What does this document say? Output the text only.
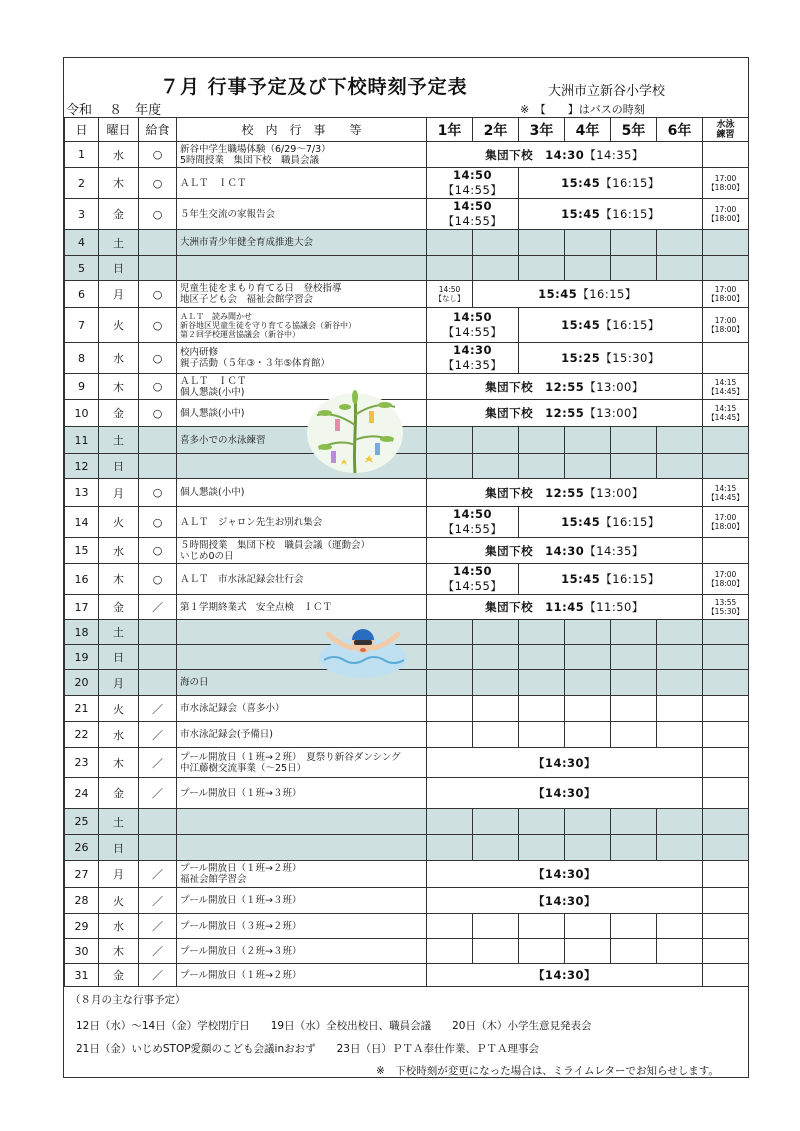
７月 行事予定及び下校時刻予定表	大洲市立新谷小学校
令和　 ８　年度	※　【　　】はバスの時刻
日	曜日	給食	校　内　行　事　　等	1年	2年	3年	4年	5年	6年	水泳
練習
1	水	○	新谷中学生職場体験（6/29〜7/3）
5時間授業　集団下校　職員会議	集団下校　14:30【14:35】						
2	木	○	ＡＬＴ　ＩＣＴ	14:50【14:55】		15:45【16:15】				17:00
【18:00】
3	金	○	５年生交流の家報告会	14:50【14:55】		15:45【16:15】				17:00
【18:00】
4	土		大洲市青少年健全育成推進大会							
5	日									
6	月	○	児童生徒をまもり育てる日　登校指導
地区子ども会　福祉会館学習会	14:50
【なし】	15:45【16:15】					17:00
【18:00】
7	火	○	ＡＬＴ　読み聞かせ
新谷地区児童生徒を守り育てる協議会（新谷中）
第２回学校運営協議会（新谷中）	14:50【14:55】		15:45【16:15】				17:00
【18:00】
8	水	○	校内研修
親子活動（５年③・３年⑤体育館）	14:30【14:35】		15:25【15:30】				
9	木	○	ＡＬＴ　ＩＣＴ
個人懇談(小中)	集団下校　12:55【13:00】						14:15
【14:45】
10	金	○	個人懇談(小中)	集団下校　12:55【13:00】						14:15
【14:45】
11	土		喜多小での水泳練習							
12	日									
13	月	○	個人懇談(小中)	集団下校　12:55【13:00】						14:15
【14:45】
14	火	○	ＡＬＴ　ジャロン先生お別れ集会	14:50【14:55】		15:45【16:15】				17:00
【18:00】
15	水	○	５時間授業　集団下校　職員会議（運動会）
いじめ0の日	集団下校　14:30【14:35】						
16	木	○	ＡＬＴ　市水泳記録会壮行会	14:50【14:55】		15:45【16:15】				17:00
【18:00】
17	金	／	第１学期終業式　安全点検　ＩＣＴ	集団下校　11:45【11:50】						13:55
【15:30】
18	土									
19	日									
20	月		海の日							
21	火	／	市水泳記録会（喜多小）							
22	水	／	市水泳記録会(予備日)							
23	木	／	プール開放日（１班→２班）　夏祭り新谷ダンシング
中江藤樹交流事業（〜25日）	【14:30】						
24	金	／	プール開放日（１班→３班）	【14:30】						
25	土									
26	日									
27	月	／	プール開放日（１班→２班）
福祉会館学習会	【14:30】						
28	火	／	プール開放日（１班→３班）	【14:30】						
29	水	／	プール開放日（３班→２班）							
30	木	／	プール開放日（２班→３班）							
31	金	／	プール開放日（１班→２班）	【14:30】						
（８月の主な行事予定）
12日（水）〜14日（金）学校閉庁日　　19日（水）全校出校日、職員会議　　20日（木）小学生意見発表会
21日（金）いじめSTOP愛顔のこども会議inおおず　　23日（日）ＰＴＡ奉仕作業、ＰＴＡ理事会
※　下校時刻が変更になった場合は、ミライムレターでお知らせします。
